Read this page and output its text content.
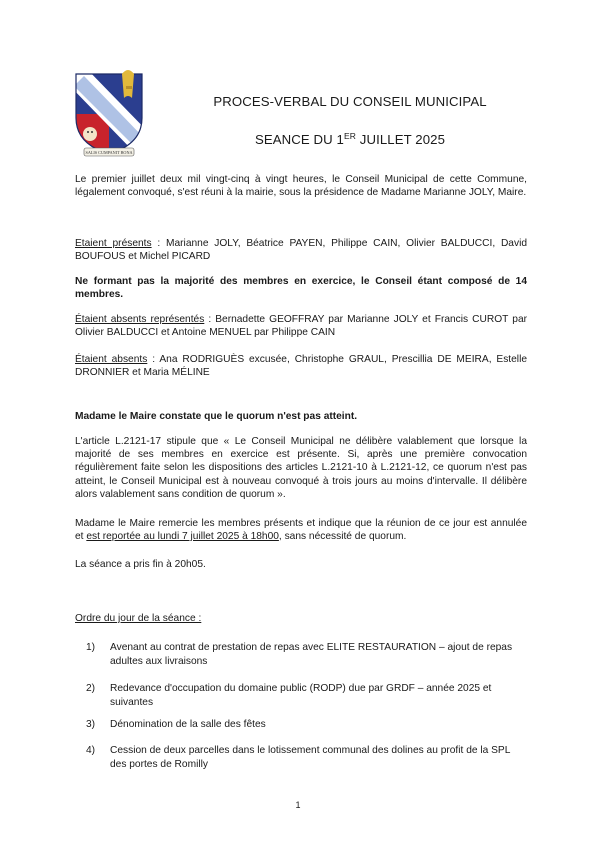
SALIS CUMPANIT BONA
PROCES-VERBAL DU CONSEIL MUNICIPAL
SEANCE DU 1ER JUILLET 2025

Le premier juillet deux mil vingt-cinq à vingt heures, le Conseil Municipal de cette Commune, légalement convoqué, s'est réuni à la mairie, sous la présidence de Madame Marianne JOLY, Maire.

Etaient présents : Marianne JOLY, Béatrice PAYEN, Philippe CAIN, Olivier BALDUCCI, David BOUFOUS et Michel PICARD

Ne formant pas la majorité des membres en exercice, le Conseil étant composé de 14 membres.

Étaient absents représentés : Bernadette GEOFFRAY par Marianne JOLY et Francis CUROT par Olivier BALDUCCI et Antoine MENUEL par Philippe CAIN

Étaient absents : Ana RODRIGUÈS excusée, Christophe GRAUL, Prescillia DE MEIRA, Estelle DRONNIER et Maria MÉLINE

Madame le Maire constate que le quorum n'est pas atteint.

L'article L.2121-17 stipule que « Le Conseil Municipal ne délibère valablement que lorsque la majorité de ses membres en exercice est présente. Si, après une première convocation régulièrement faite selon les dispositions des articles L.2121-10 à L.2121-12, ce quorum n'est pas atteint, le Conseil Municipal est à nouveau convoqué à trois jours au moins d'intervalle. Il délibère alors valablement sans condition de quorum ».

Madame le Maire remercie les membres présents et indique que la réunion de ce jour est annulée et est reportée au lundi 7 juillet 2025 à 18h00, sans nécessité de quorum.

La séance a pris fin à 20h05.

Ordre du jour de la séance :

1)	Avenant au contrat de prestation de repas avec ELITE RESTAURATION – ajout de repas adultes aux livraisons
2)	Redevance d'occupation du domaine public (RODP) due par GRDF – année 2025 et suivantes
3)	Dénomination de la salle des fêtes
4)	Cession de deux parcelles dans le lotissement communal des dolines au profit de la SPL des portes de Romilly
1
